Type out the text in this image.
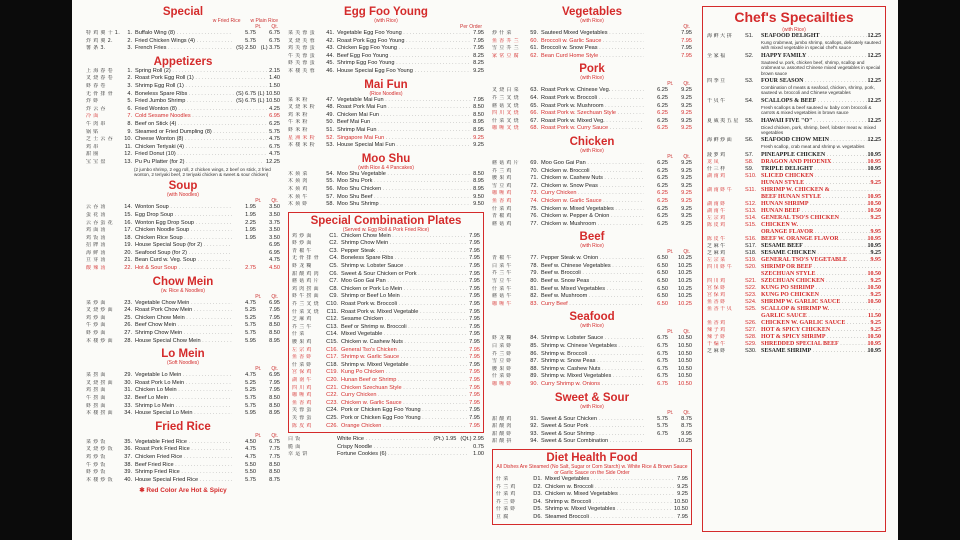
Special
w Fried Rice w Plain Rice
Pt. Qt.
特 鸡 翼 十 1.	1. Buffalo Wing (8) . . .	5.75	6.75
炸 鸡 翼 2.	2. Fried Chicken Wings (4) . . .	5.75	6.75
薯 条 3.	3. French Fries . . .	(S) 2.50 (L) 3.75
Appetizers
上 海 春 卷	1. Spring Roll (2) . . .	2.15
叉 烧 春 卷	2. Roast Pork Egg Roll (1) . . .	1.40
虾 春 卷	3. Shrimp Egg Roll (1) . . .	1.50
无 骨 排 骨	4. Boneless Spare Ribs . . .	(S) 6.75 (L) 10.50
炸 虾	5. Fried Jumbo Shrimp . . .	(S) 6.75 (L) 10.50
炸 云 吞	6. Fried Wonton (8) . . .	4.25
冷 面	7. Cold Sesame Noodles . . .	6.95
牛 肉 串	8. Beef on Stick (4) . . .	6.25
锅 贴	9. Steamed or Fried Dumpling (8) . . .	5.75
芝 士 云 吞	10. Cheese Wonton (8) . . .	4.75
鸡 串	11. Chicken Teriyaki (4) . . .	6.75
甜 圈	12. Fried Donut (10) . . .	4.75
宝 宝 盘	13. Pu Pu Platter (for 2) . . .	12.25
(2 jumbo shrimp, 2 egg roll, 2 chicken wings, 2 beef on stick, 2 fried wonton, 2 teriyaki beef, 2 teriyaki chicken & sweet & sour chicken)
Soup
(with Noodles)
Pt. Qt.
云 吞 汤	14. Wonton Soup . . .	1.95	3.50
蛋 花 汤	15. Egg Drop Soup . . .	1.95	3.50
云 吞 蛋 花	16. Wonton Egg Drop Soup . . .	2.25	3.75
鸡 面 汤	17. Chicken Noodle Soup . . .	1.95	3.50
鸡 饭 汤	18. Chicken Rice Soup . . .	1.95	3.50
招 牌 汤	19. House Special Soup (for 2) . . .	6.95
海 鲜 汤	20. Seafood Soup (for 2) . . .	6.95
豆 芽 汤	21. Bean Curd w. Veg. Soup . . .	4.75
酸 辣 汤	22. Hot & Sour Soup . . .	2.75	4.50
Chow Mein
(w. Rice & Noodles)
Pt. Qt.
菜 炒 面	23. Vegetable Chow Mein . . .	4.75	6.95
叉 烧 炒 面	24. Roast Pork Chow Mein . . .	5.25	7.95
鸡 炒 面	25. Chicken Chow Mein . . .	5.25	7.95
牛 炒 面	26. Beef Chow Mein . . .	5.75	8.50
虾 炒 面	27. Shrimp Chow Mein . . .	5.75	8.50
本 楼 炒 面	28. House Special Chow Mein . . .	5.95	8.95
Lo Mein
(Soft Noodles)
Pt. Qt.
菜 捞 面	29. Vegetable Lo Mein . . .	4.75	6.95
叉 烧 捞 面	30. Roast Pork Lo Mein . . .	5.25	7.95
鸡 捞 面	31. Chicken Lo Mein . . .	5.25	7.95
牛 捞 面	32. Beef Lo Mein . . .	5.75	8.50
虾 捞 面	33. Shrimp Lo Mein . . .	5.75	8.50
本 楼 捞 面	34. House Special Lo Mein . . .	5.95	8.95
Fried Rice
Pt. Qt.
菜 炒 饭	35. Vegetable Fried Rice . . .	4.50	6.75
叉 烧 炒 饭	36. Roast Pork Fried Rice . . .	4.75	7.75
鸡 炒 饭	37. Chicken Fried Rice . . .	4.75	7.75
牛 炒 饭	38. Beef Fried Rice . . .	5.50	8.50
虾 炒 饭	39. Shrimp Fried Rice . . .	5.50	8.50
本 楼 炒 饭	40. House Special Fried Rice . . .	5.75	8.75
✱ Red Color Are Hot & Spicy
Egg Foo Young
(with Rice)
Per Order
菜 芙 蓉 蛋	41. Vegetable Egg Foo Young . . .	7.95
叉 烧 芙 蓉	42. Roast Pork Egg Foo Young . . .	7.95
鸡 芙 蓉 蛋	43. Chicken Egg Foo Young . . .	7.95
牛 芙 蓉 蛋	44. Beef Egg Foo Young . . .	8.25
虾 芙 蓉 蛋	45. Shrimp Egg Foo Young . . .	8.25
本 楼 芙 蓉	46. House Special Egg Foo Young . . .	9.25
Mai Fun
(Rice Noodles)
菜 米 粉	47. Vegetable Mai Fun . . .	7.95
叉 烧 米 粉	48. Roast Pork Mai Fun . . .	8.50
鸡 米 粉	49. Chicken Mai Fun . . .	8.50
牛 米 粉	50. Beef Mai Fun . . .	8.95
虾 米 粉	51. Shrimp Mai Fun . . .	8.95
星 洲 米 粉	52. Singapore Mai Fun . . .	9.25
本 楼 米 粉	53. House Special Mai Fun . . .	9.25
Moo Shu
(with Rice & 4 Pancakes)
木 须 菜	54. Moo Shu Vegetable . . .	8.50
木 须 肉	55. Moo Shu Pork . . .	8.95
木 须 鸡	56. Moo Shu Chicken . . .	8.95
木 须 牛	57. Moo Shu Beef . . .	9.50
木 须 虾	58. Moo Shu Shrimp . . .	9.50
Special Combination Plates
(Served w. Egg Roll & Pork Fried Rice)
鸡 炒 面	C1. Chicken Chow Mein . . .	7.95
虾 炒 面	C2. Shrimp Chow Mein . . .	7.95
青 椒 牛	C3. Pepper Steak . . .	7.95
无 骨 排 骨	C4. Boneless Spare Ribs . . .	7.95
虾 龙 糊	C5. Shrimp w. Lobster Sauce . . .	7.95
甜 酸 鸡 肉	C6. Sweet & Sour Chicken or Pork . . .	7.95
蘑 菇 鸡 片	C7. Moo Goo Gai Pan . . .	7.95
鸡 肉 捞 面	C8. Chicken or Pork Lo Mein . . .	7.95
虾 牛 捞 面	C9. Shrimp or Beef Lo Mein . . .	7.95
芥 兰 叉 烧	C10. Roast Pork w. Broccoli . . .	7.95
什 菜 叉 烧	C11. Roast Pork w. Mixed Vegetable . . .	7.95
芝 麻 鸡	C12. Sesame Chicken . . .	7.95
芥 兰 牛	C13. Beef or Shrimp w. Broccoli . . .	7.95
什 菜	C14. Mixed Vegetable . . .	7.95
腰 果 鸡	C15. Chicken w. Cashew Nuts . . .	7.95
左 宗 鸡	C16. General Tso's Chicken . . .	7.95
鱼 香 虾	C17. Shrimp w. Garlic Sauce . . .	7.95
什 菜 虾	C18. Shrimp w. Mixed Vegetable . . .	7.95
宫 保 鸡	C19. Kung Po Chicken . . .	7.95
湖 南 牛	C20. Hunan Beef or Shrimp . . .	7.95
四 川 鸡	C21. Chicken Szechuan Style . . .	7.95
咖 喱 鸡	C22. Curry Chicken . . .	7.95
鱼 香 鸡	C23. Chicken w. Garlic Sauce . . .	7.95
芙 蓉 蛋	C24. Pork or Chicken Egg Foo Young . . .	7.95
芙 蓉 蛋	C25. Pork or Chicken Egg Foo Young . . .	7.95
陈 皮 鸡	C26. Orange Chicken . . .	7.95
白 饭	White Rice . . .	(Pt.) 1.95 (Qt.) 2.95
脆 面	Crispy Noodle . . .	0.75
幸 运 饼	Fortune Cookies (6) . . .	1.00
Vegetables
(with Rice)
Qt.
炒 什 菜	59. Sauteed Mixed Vegetables . . .	7.95
鱼 香 芥 兰	60. Broccoli w. Garlic Sauce . . .	7.95
雪 豆 芥 兰	61. Broccoli w. Snow Peas . . .	7.95
家 常 豆 腐	62. Bean Curd Home Style . . .	7.95
Pork
(with Rice)
Pt. Qt.
叉 烧 白 菜	63. Roast Pork w. Chinese Veg. . . .	6.25	9.25
芥 兰 叉 烧	64. Roast Pork w. Broccoli . . .	6.25	9.25
蘑 菇 叉 烧	65. Roast Pork w. Mushroom . . .	6.25	9.25
四 川 叉 烧	66. Roast Pork w. Szechuan Style . . .	6.25	9.25
什 菜 叉 烧	67. Roast Pork w. Mixed Veg. . . .	6.25	9.25
咖 喱 叉 烧	68. Roast Pork w. Curry Sauce . . .	6.25	9.25
Chicken
(with Rice)
Pt. Qt.
蘑 菇 鸡 片	69. Moo Goo Gai Pan . . .	6.25	9.25
芥 兰 鸡	70. Chicken w. Broccoli . . .	6.25	9.25
腰 果 鸡	71. Chicken w. Cashew Nuts . . .	6.25	9.25
雪 豆 鸡	72. Chicken w. Snow Peas . . .	6.25	9.25
咖 喱 鸡	73. Curry Chicken . . .	6.25	9.25
鱼 香 鸡	74. Chicken w. Garlic Sauce . . .	6.25	9.25
什 菜 鸡	75. Chicken w. Mixed Vegetables . . .	6.25	9.25
青 椒 鸡	76. Chicken w. Pepper & Onion . . .	6.25	9.25
蘑 菇 鸡	77. Chicken w. Mushroom . . .	6.25	9.25
Beef
(with Rice)
Pt. Qt.
青 椒 牛	77. Pepper Steak w. Onion . . .	6.50	10.25
白 菜 牛	78. Beef w. Chinese Vegetables . . .	6.50	10.25
芥 兰 牛	79. Beef w. Broccoli . . .	6.50	10.25
雪 豆 牛	80. Beef w. Snow Peas . . .	6.50	10.25
什 菜 牛	81. Beef w. Mixed Vegetables . . .	6.50	10.25
蘑 菇 牛	82. Beef w. Mushroom . . .	6.50	10.25
咖 喱 牛	83. Curry Beef . . .	6.50	10.25
Seafood
(with Rice)
Pt. Qt.
虾 龙 糊	84. Shrimp w. Lobster Sauce . . .	6.75	10.50
白 菜 虾	85. Shrimp w. Chinese Vegetables . . .	6.75	10.50
芥 兰 虾	86. Shrimp w. Broccoli . . .	6.75	10.50
雪 豆 虾	87. Shrimp w. Snow Peas . . .	6.75	10.50
腰 果 虾	88. Shrimp w. Cashew Nuts . . .	6.75	10.50
什 菜 虾	89. Shrimp w. Mixed Vegetables . . .	6.75	10.50
咖 喱 虾	90. Curry Shrimp w. Onions . . .	6.75	10.50
Sweet & Sour
(with Rice)
Pt. Qt.
甜 酸 鸡	91. Sweet & Sour Chicken . . .	5.75	8.75
甜 酸 肉	92. Sweet & Sour Pork . . .	5.75	8.75
甜 酸 虾	93. Sweet & Sour Shrimp . . .	6.75	9.95
甜 酸 拼	94. Sweet & Sour Combination . . .	10.25
Diet Health Food
All Dishes Are Steamed (No Salt, Sugar or Corn Starch) w. White Rice & Brown Sauce or Garlic Sauce on the Side Order
什 菜	D1. Mixed Vegetables . . .	7.95
芥 兰 鸡	D2. Chicken w. Broccoli . . .	9.25
什 菜 鸡	D3. Chicken w. Mixed Vegetables . . .	9.25
芥 兰 虾	D4. Shrimp w. Broccoli . . .	10.50
什 菜 虾	D5. Shrimp w. Mixed Vegetables . . .	10.50
豆 腐	D6. Steamed Broccoli . . .	7.95
Chef's Specailties
(with Rice)
海 鲜 大 拼	S1.	SEAFOOD DELIGHT . . .	12.25
Kung crabmeat, jumbo shrimp, scallops, delicately sauteed with mixed vegetable in special chef's sauce
全 家 福	S2.	HAPPY FAMILY . . .	12.25
Sauteed w. pork, chicken beef, shrimp, scallop and crabmeat w. assorted Chinese mixed vegetables in special brown sauce
四 季 豆	S3.	FOUR SEASON . . .	12.25
Combination of meats & seafood, chicken, shrimp, pork, sauteed w. broccoli and Chinese vegetables
干 贝 牛	S4.	SCALLOPS & BEEF . . .	12.25
Fresh scallops & beef sauteed w. baby corn broccoli & carrots & mixed vegetables in brown sauce
夏 威 夷 五 星	S5.	HAWAII FIVE "O" . . .	12.25
Diced chicken, pork, shrimp, beef, lobster meat w. mixed vegetables
海 鲜 炒 面	S6.	SEAFOOD CHOW MEIN . . .	12.25
Fresh scallop, crab meat and shrimp w. vegetables
菠 萝 鸡	S7.	PINEAPPLE CHICKEN . . .	10.95
龙 凤	S8.	DRAGON AND PHOENIX . . .	10.95
什 三 样	S9.	TRIPLE DELIGHT . . .	10.95
湖 南 鸡	S10. SLICED CHICKEN . . .
HUNAN STYLE . . .	9.25
湖 南 虾 牛	S11. SHRIMP W. CHICKEN & . . .
BEEF HUNAN STYLE . . .	10.95
湖 南 虾	S12. HUNAN SHRIMP . . .	10.50
湖 南 牛	S13. HUNAN BEEF . . .	10.50
左 宗 鸡	S14. GENERAL TSO'S CHICKEN . . .	9.25
陈 皮 鸡	S15. CHICKEN W. . . .
ORANGE FLAVOR . . .	9.95
陈 皮 牛	S16. BEEF W. ORANGE FLAVOR . . .	10.95
芝 麻 牛	S17. SESAME BEEF . . .	10.95
芝 麻 鸡	S18. SESAME CHICKEN . . .	9.25
左 宗 菜	S19. GENERAL TSO'S VEGETABLE . . .	9.95
四 川 虾 牛	S20. SHRIMP OR BEEF . . .
SZECHUAN STYLE . . .	10.50
四 川 鸡	S21. SZECHUAN CHICKEN . . .	9.25
宫 保 虾	S22. KUNG PO SHRIMP . . .	10.50
宫 保 鸡	S23. KUNG PO CHICKEN . . .	9.25
鱼 香 虾	S24. SHRIMP W. GARLIC SAUCE . . .	10.50
鱼 香 干 贝	S25. SCALLOP & SHRIMP W. . . .
GARLIC SAUCE . . .	11.50
鱼 香 鸡	S26. CHICKEN W. GARLIC SAUCE . . .	9.25
辣 子 鸡	S27. HOT & SPICY CHICKEN . . .	9.25
辣 子 虾	S28. HOT & SPICY SHRIMP . . .	10.50
干 煸 牛	S29. SHREDDED SPECIAL BEEF . . .	10.95
芝 麻 虾	S30. SESAME SHRIMP . . .	10.95
